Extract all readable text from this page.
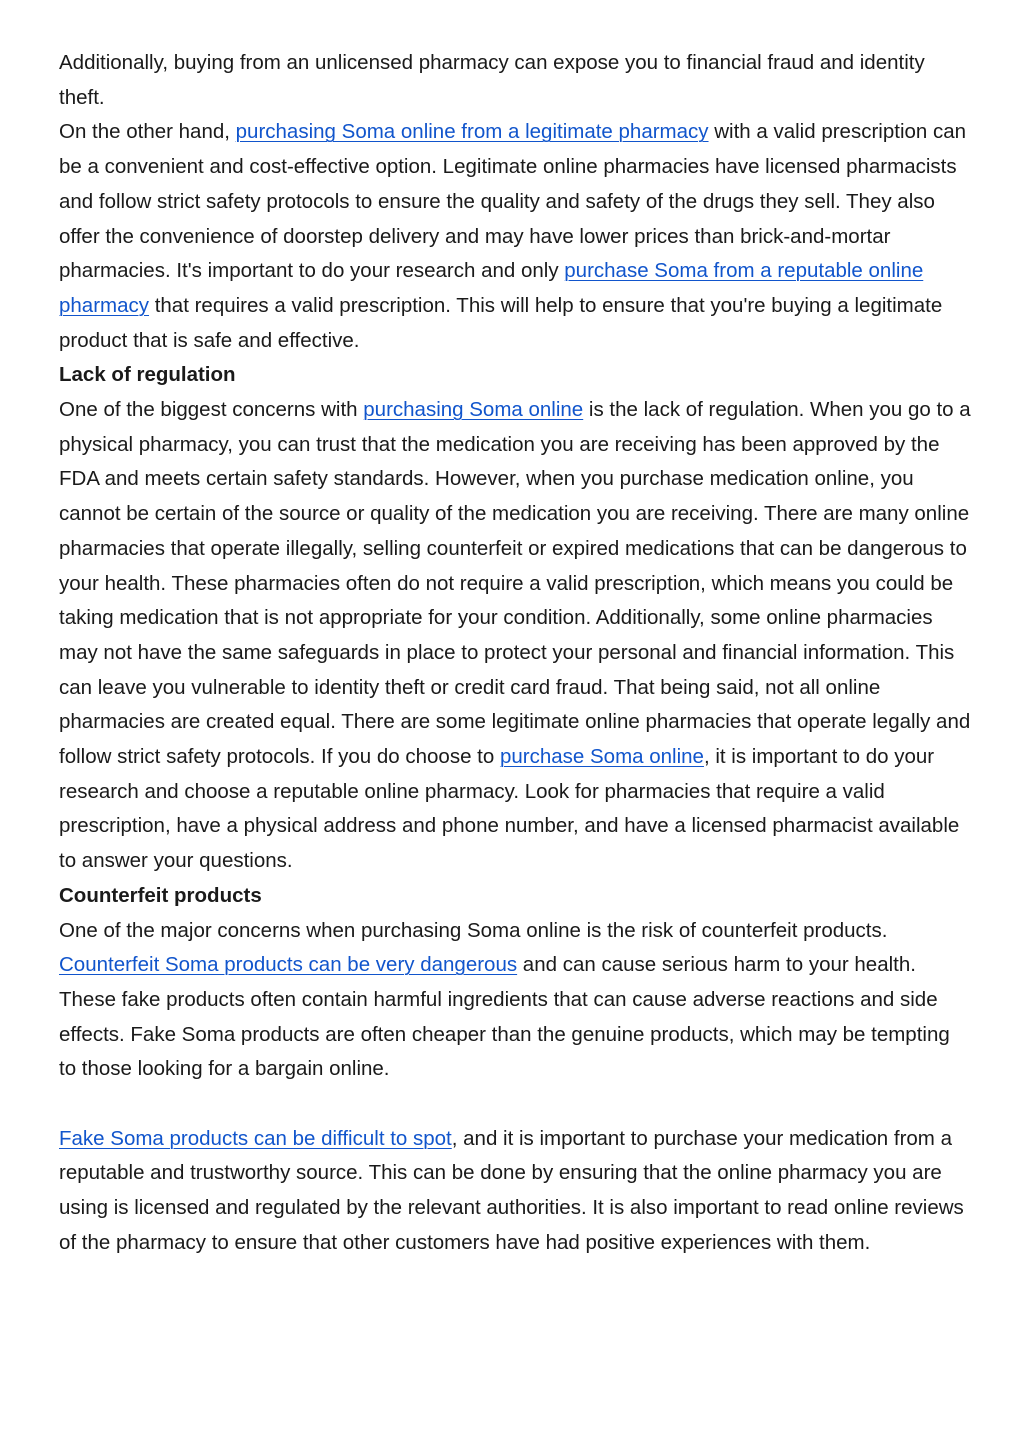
Additionally, buying from an unlicensed pharmacy can expose you to financial fraud and identity theft.

On the other hand, purchasing Soma online from a legitimate pharmacy with a valid prescription can be a convenient and cost-effective option. Legitimate online pharmacies have licensed pharmacists and follow strict safety protocols to ensure the quality and safety of the drugs they sell. They also offer the convenience of doorstep delivery and may have lower prices than brick-and-mortar pharmacies. It's important to do your research and only purchase Soma from a reputable online pharmacy that requires a valid prescription. This will help to ensure that you're buying a legitimate product that is safe and effective.

Lack of regulation

One of the biggest concerns with purchasing Soma online is the lack of regulation. When you go to a physical pharmacy, you can trust that the medication you are receiving has been approved by the FDA and meets certain safety standards. However, when you purchase medication online, you cannot be certain of the source or quality of the medication you are receiving. There are many online pharmacies that operate illegally, selling counterfeit or expired medications that can be dangerous to your health. These pharmacies often do not require a valid prescription, which means you could be taking medication that is not appropriate for your condition. Additionally, some online pharmacies may not have the same safeguards in place to protect your personal and financial information. This can leave you vulnerable to identity theft or credit card fraud. That being said, not all online pharmacies are created equal. There are some legitimate online pharmacies that operate legally and follow strict safety protocols. If you do choose to purchase Soma online, it is important to do your research and choose a reputable online pharmacy. Look for pharmacies that require a valid prescription, have a physical address and phone number, and have a licensed pharmacist available to answer your questions.

Counterfeit products

One of the major concerns when purchasing Soma online is the risk of counterfeit products. Counterfeit Soma products can be very dangerous and can cause serious harm to your health. These fake products often contain harmful ingredients that can cause adverse reactions and side effects. Fake Soma products are often cheaper than the genuine products, which may be tempting to those looking for a bargain online.

Fake Soma products can be difficult to spot, and it is important to purchase your medication from a reputable and trustworthy source. This can be done by ensuring that the online pharmacy you are using is licensed and regulated by the relevant authorities. It is also important to read online reviews of the pharmacy to ensure that other customers have had positive experiences with them.
